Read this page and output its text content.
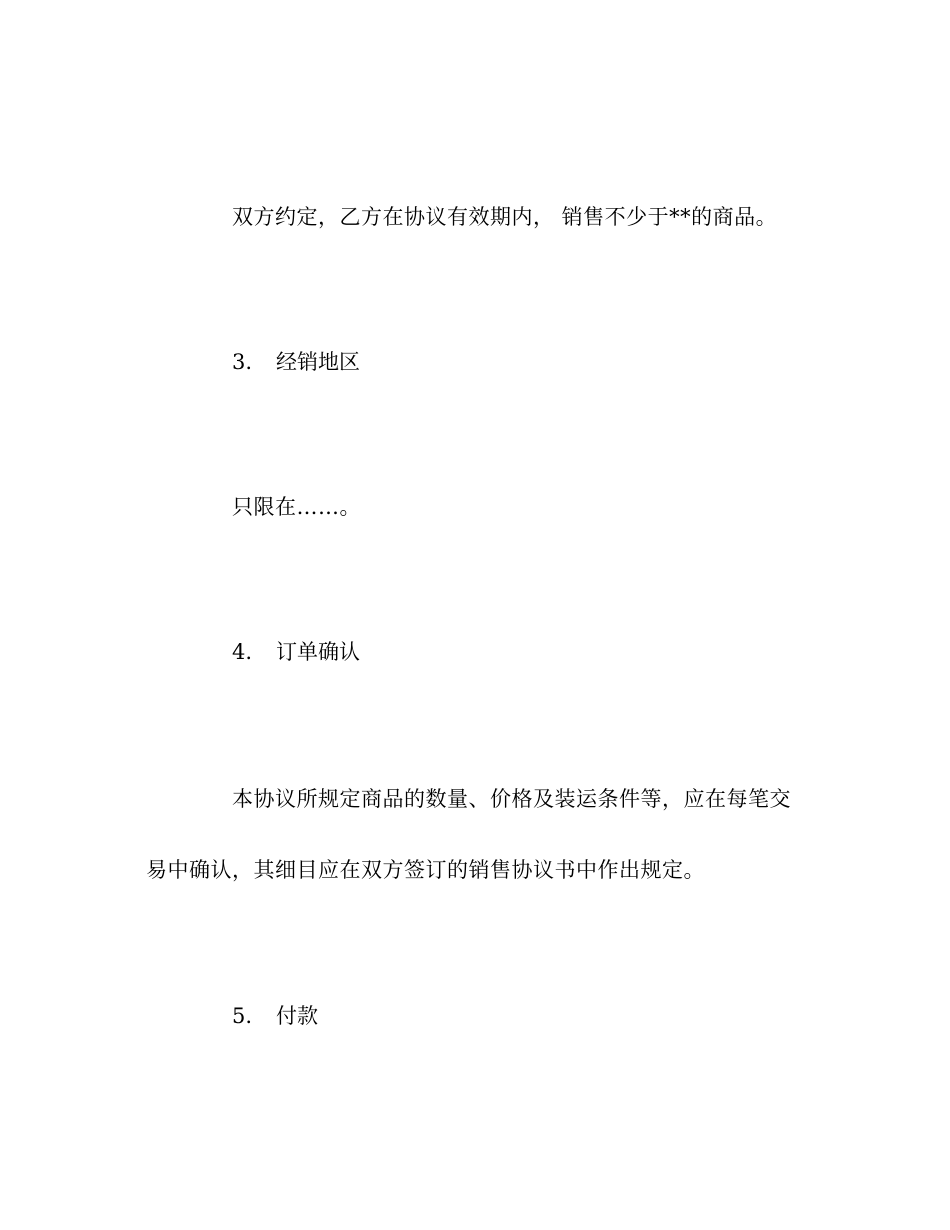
双方约定，乙方在协议有效期内， 销售不少于**的商品。

3.	经销地区

只限在……。

4.	订单确认

本协议所规定商品的数量、价格及装运条件等，应在每笔交

易中确认，其细目应在双方签订的销售协议书中作出规定。

5.	付款
